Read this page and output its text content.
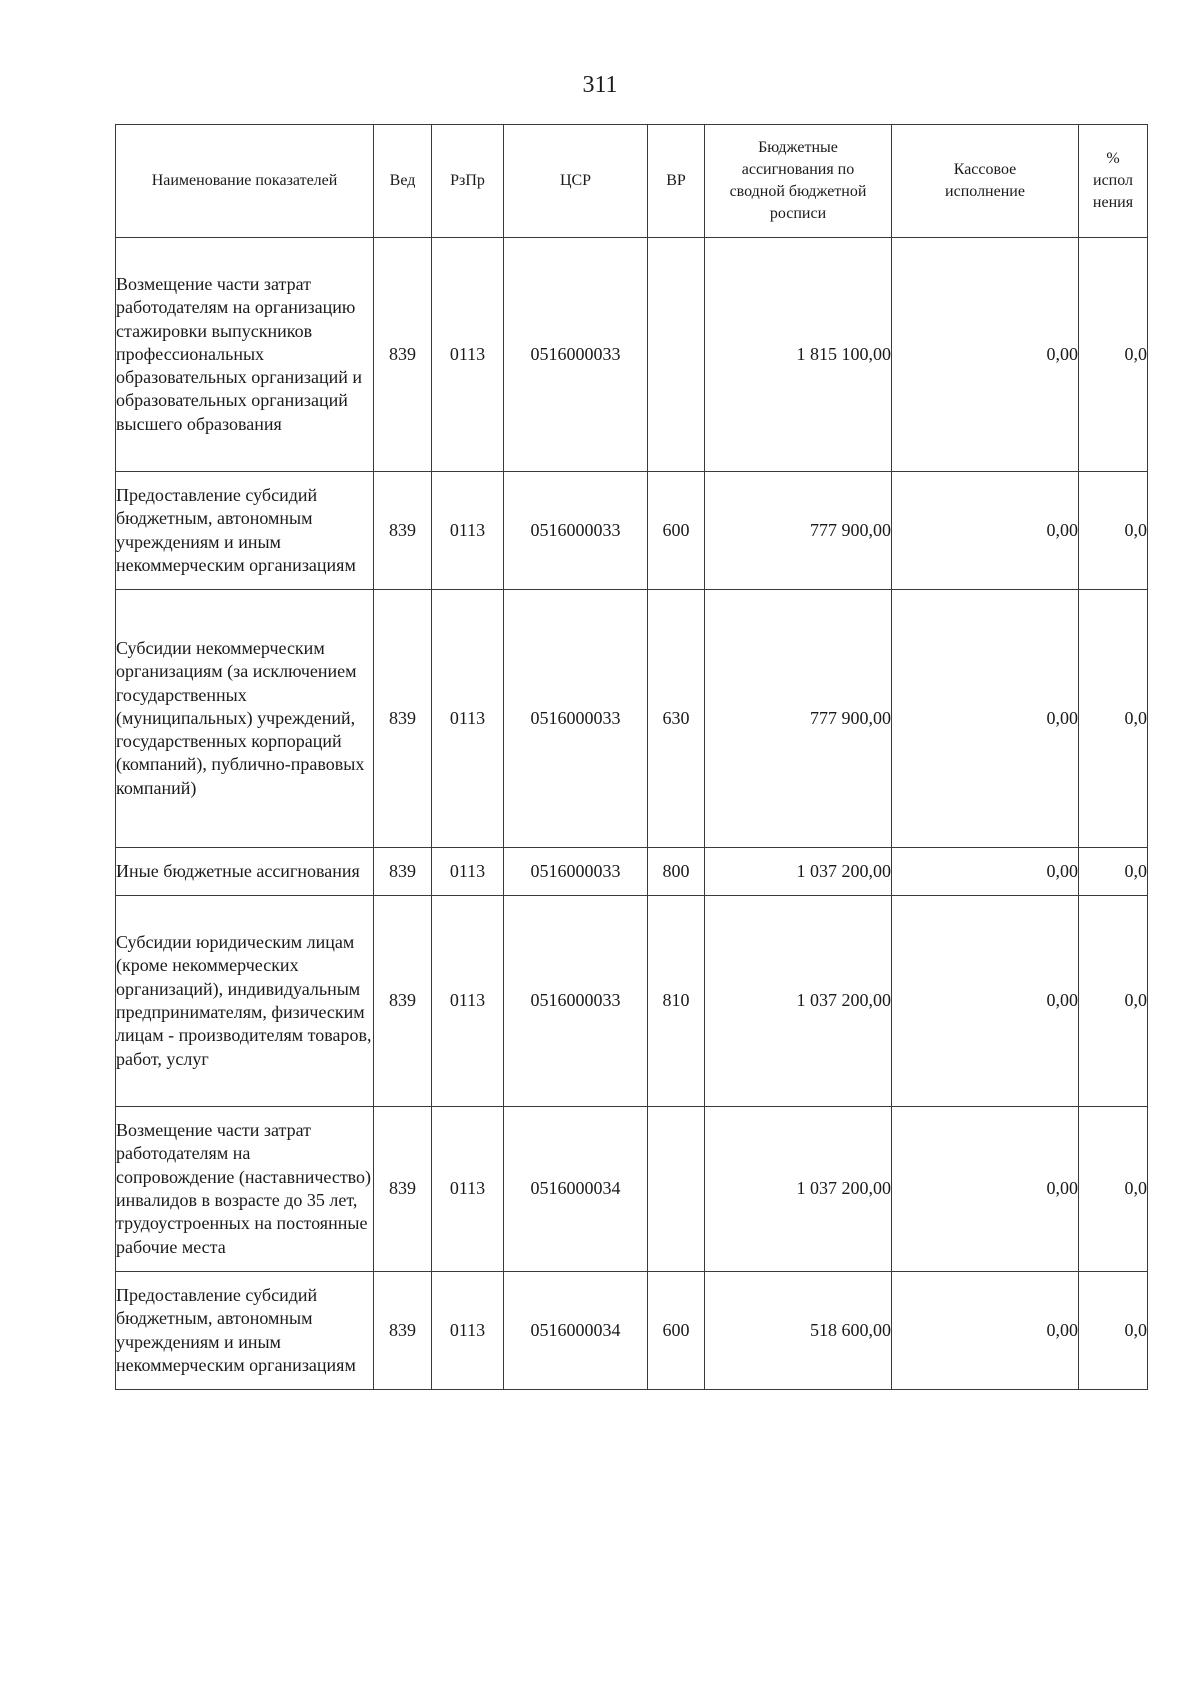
311
Наименование показателей	Вед	РзПр	ЦСР	ВР	Бюджетные ассигнования по сводной бюджетной росписи	Кассовое исполнение	% испол нения
Возмещение части затрат работодателям на организацию стажировки выпускников профессиональных образовательных организаций и образовательных организаций высшего образования	839	0113	0516000033		1 815 100,00	0,00	0,0
Предоставление субсидий бюджетным, автономным учреждениям и иным некоммерческим организациям	839	0113	0516000033	600	777 900,00	0,00	0,0
Субсидии некоммерческим организациям (за исключением государственных (муниципальных) учреждений, государственных корпораций (компаний), публично-правовых компаний)	839	0113	0516000033	630	777 900,00	0,00	0,0
Иные бюджетные ассигнования	839	0113	0516000033	800	1 037 200,00	0,00	0,0
Субсидии юридическим лицам (кроме некоммерческих организаций), индивидуальным предпринимателям, физическим лицам - производителям товаров, работ, услуг	839	0113	0516000033	810	1 037 200,00	0,00	0,0
Возмещение части затрат работодателям на сопровождение (наставничество) инвалидов в возрасте до 35 лет, трудоустроенных на постоянные рабочие места	839	0113	0516000034		1 037 200,00	0,00	0,0
Предоставление субсидий бюджетным, автономным учреждениям и иным некоммерческим организациям	839	0113	0516000034	600	518 600,00	0,00	0,0
